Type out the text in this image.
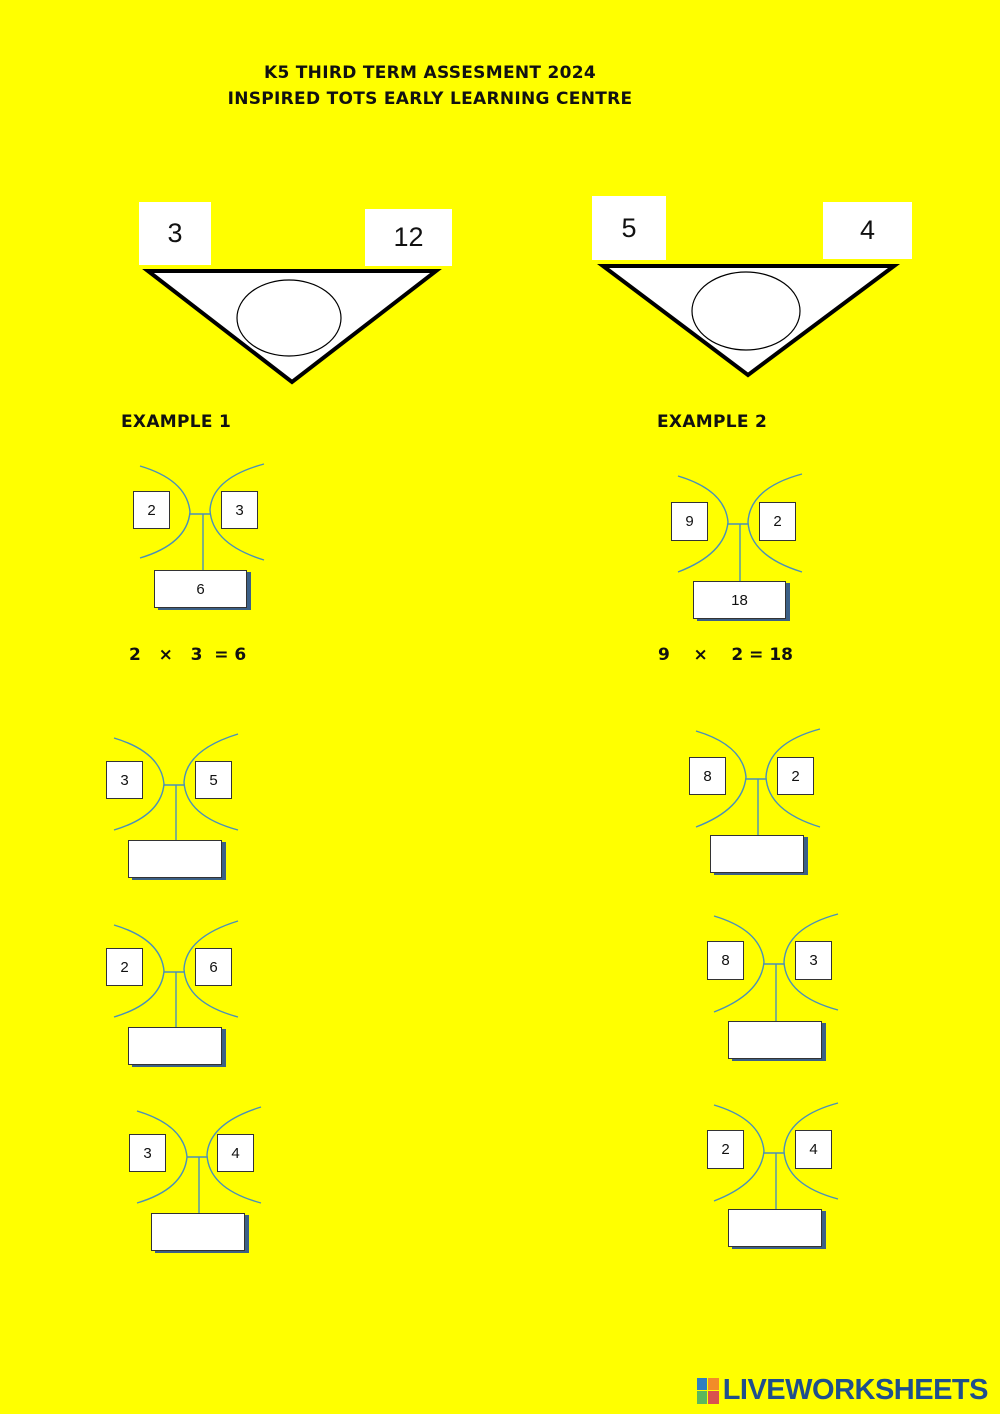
K5 THIRD TERM ASSESMENT 2024
INSPIRED TOTS EARLY LEARNING CENTRE
3	12	5	4
EXAMPLE 1	EXAMPLE 2
2	3
6
9	2
18
2   ×   3  = 6	9    ×    2 = 18
3	5	8	2
2	6	8	3
3	4	2	4
LIVEWORKSHEETS
